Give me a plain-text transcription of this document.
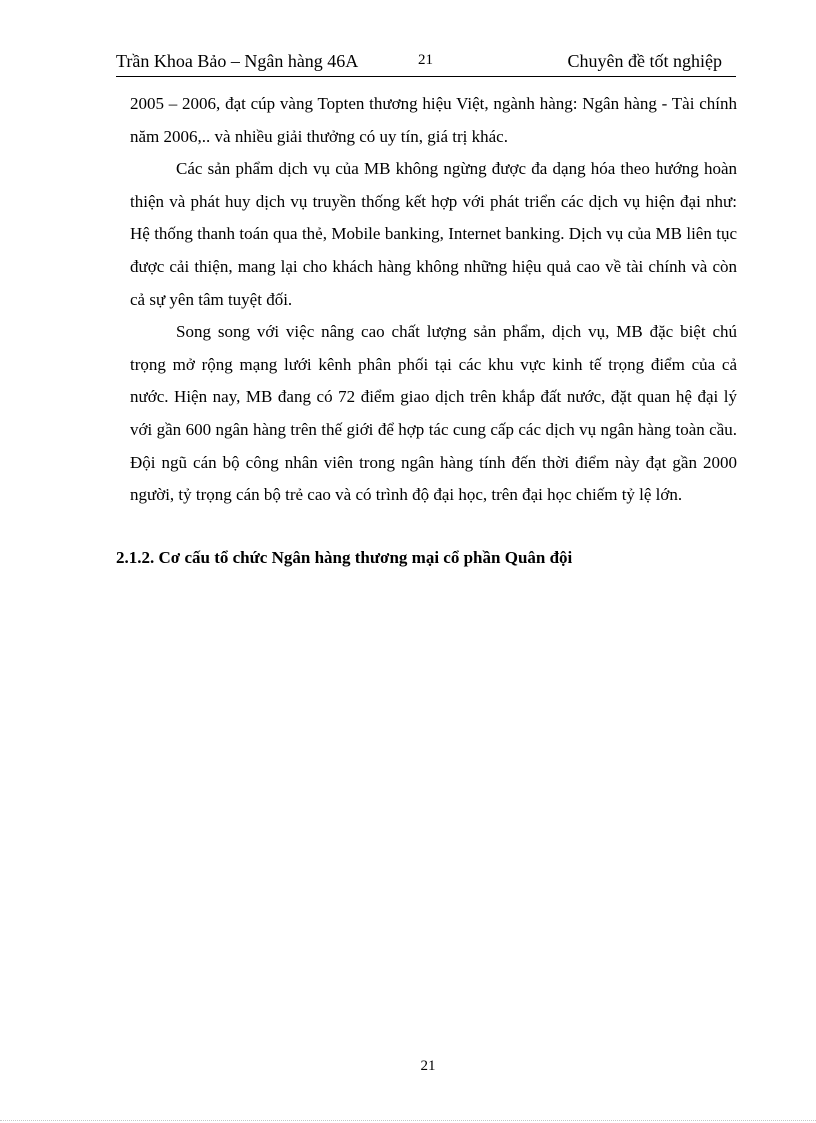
Trần Khoa Bảo – Ngân hàng 46A	21	Chuyên đề tốt nghiệp

2005 – 2006, đạt cúp vàng Topten thương hiệu Việt, ngành hàng: Ngân hàng - Tài chính năm 2006,.. và nhiều giải thưởng có uy tín, giá trị khác.

Các sản phẩm dịch vụ của MB không ngừng được đa dạng hóa theo hướng hoàn thiện và phát huy dịch vụ truyền thống kết hợp với phát triển các dịch vụ hiện đại như: Hệ thống thanh toán qua thẻ, Mobile banking, Internet banking. Dịch vụ của MB liên tục được cải thiện, mang lại cho khách hàng không những hiệu quả cao về tài chính và còn cả sự yên tâm tuyệt đối.

Song song với việc nâng cao chất lượng sản phẩm, dịch vụ, MB đặc biệt chú trọng mở rộng mạng lưới kênh phân phối tại các khu vực kinh tế trọng điểm của cả nước. Hiện nay, MB đang có 72 điểm giao dịch trên khắp đất nước, đặt quan hệ đại lý với gần 600 ngân hàng trên thế giới để hợp tác cung cấp các dịch vụ ngân hàng toàn cầu. Đội ngũ cán bộ công nhân viên trong ngân hàng tính đến thời điểm này đạt gần 2000 người, tỷ trọng cán bộ trẻ cao và có trình độ đại học, trên đại học chiếm tỷ lệ lớn.

2.1.2. Cơ cấu tổ chức Ngân hàng thương mại cổ phần Quân đội
21
